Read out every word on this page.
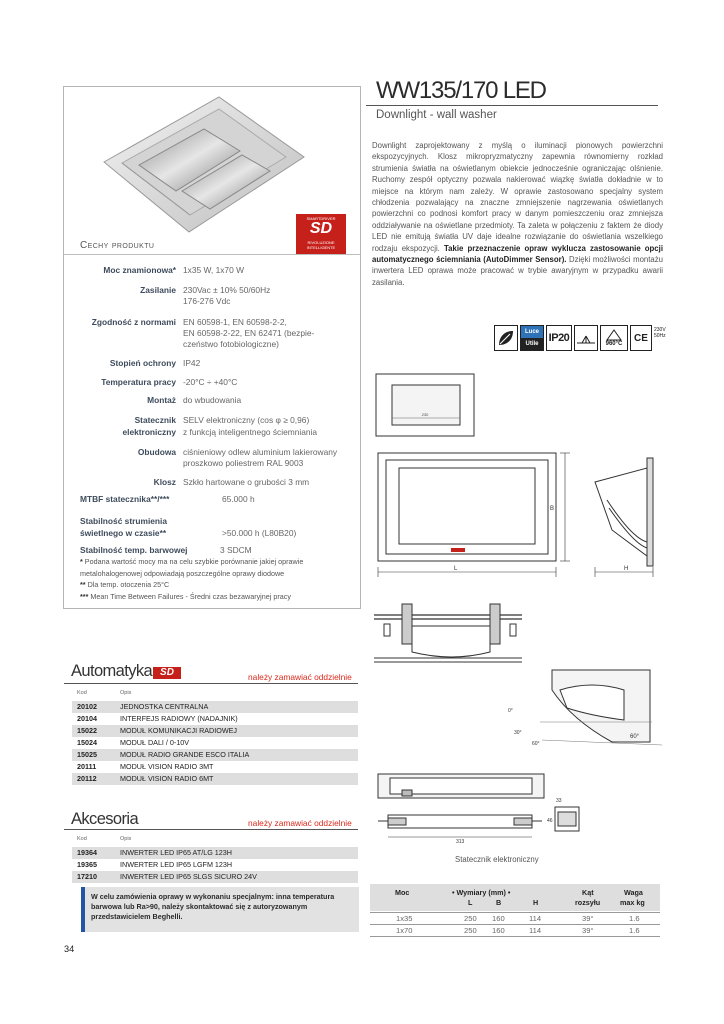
SMARTDRIVER
SD
RIVOLUZIONE
INTELLIGENTE
Cechy produktu
Moc znamionowa* 1x35 W, 1x70 W
Zasilanie 230Vac ± 10% 50/60Hz
176-276 Vdc
Zgodność z normami EN 60598-1, EN 60598-2-2,
EN 60598-2-22, EN 62471 (bezpie-
czeństwo fotobiologiczne)
Stopień ochrony IP42
Temperatura pracy -20°C ÷ +40°C
Montaż do wbudowania
Statecznik
elektroniczny
SELV elektroniczny (cos φ ≥ 0,96)
z funkcją inteligentnego ściemniania
Obudowa ciśnieniowy odlew aluminium lakierowany
proszkowo poliestrem RAL 9003
Klosz Szkło hartowane o grubości 3 mm
MTBF statecznika**/***	65.000 h
Stabilność strumienia
świetlnego w czasie**	>50.000 h (L80B20)
Stabilność temp. barwowej	3 SDCM
* Podana wartość mocy ma na celu szybkie porównanie jakiej oprawie metalohalogenowej odpowiadają poszczególne oprawy diodowe
** Dla temp. otoczenia 25°C
*** Mean Time Between Failures - Średni czas bezawaryjnej pracy
WW135/170 LED
Downlight - wall washer
Downlight zaprojektowany z myślą o iluminacji pionowych powierzchni ekspozycyjnych. Klosz mikropryzmatyczny zapewnia równomierny rozkład strumienia światła na oświetlanym obiekcie jednocześnie ograniczając olśnienie. Ruchomy zespół optyczny pozwala nakierować wiązkę światła dokładnie w to miejsce na którym nam zależy. W oprawie zastosowano specjalny system chłodzenia pozwalający na znaczne zmniejszenie nagrzewania oświetlanych powierzchni co podnosi komfort pracy w danym pomieszczeniu oraz zmniejsza oddziaływanie na oświetlane przedmioty. Ta zaleta w połączeniu z faktem że diody LED nie emitują światła UV daje idealne rozwiązanie do oświetlania wszelkiego rodzaju ekspozycji. Takie przeznaczenie opraw wyklucza zastosowanie opcji automatycznego ściemniania (AutoDimmer Sensor). Dzięki możliwości montażu inwertera LED oprawa może pracować w trybie awaryjnym w przypadku awarii zasilania.
Luce
Utile IP20	960°C
CE
230V
50Hz
230
L
B
H
0°
30°
60°
60°
313
33
46
Statecznik elektroniczny
Automatyka SD	należy zamawiać oddzielnie
Kod	Opis
20102	JEDNOSTKA CENTRALNA
20104	INTERFEJS RADIOWY (NADAJNIK)
15022	MODUŁ KOMUNIKACJI RADIOWEJ
15024	MODUŁ DALI / 0-10V
15025	MODUŁ RADIO GRANDE ESCO ITALIA
20111	MODUŁ VISION RADIO 3MT
20112	MODUŁ VISION RADIO 6MT
Akcesoria	należy zamawiać oddzielnie
Kod	Opis
19364	INWERTER LED IP65 AT/LG 123H
19365	INWERTER LED IP65 LGFM 123H
17210	INWERTER LED IP65 SLGS SICURO 24V
W celu zamówienia oprawy w wykonaniu specjalnym: inna temperatura barwowa lub Ra>90, należy skontaktować się z autoryzowanym przedstawicielem Beghelli.
Moc	• Wymiary (mm) •
L	B	H
Kąt
rozsyłu
Waga
max kg
1x35	250 160	114	39°	1.6
1x70	250 160	114	39°	1.6
34
